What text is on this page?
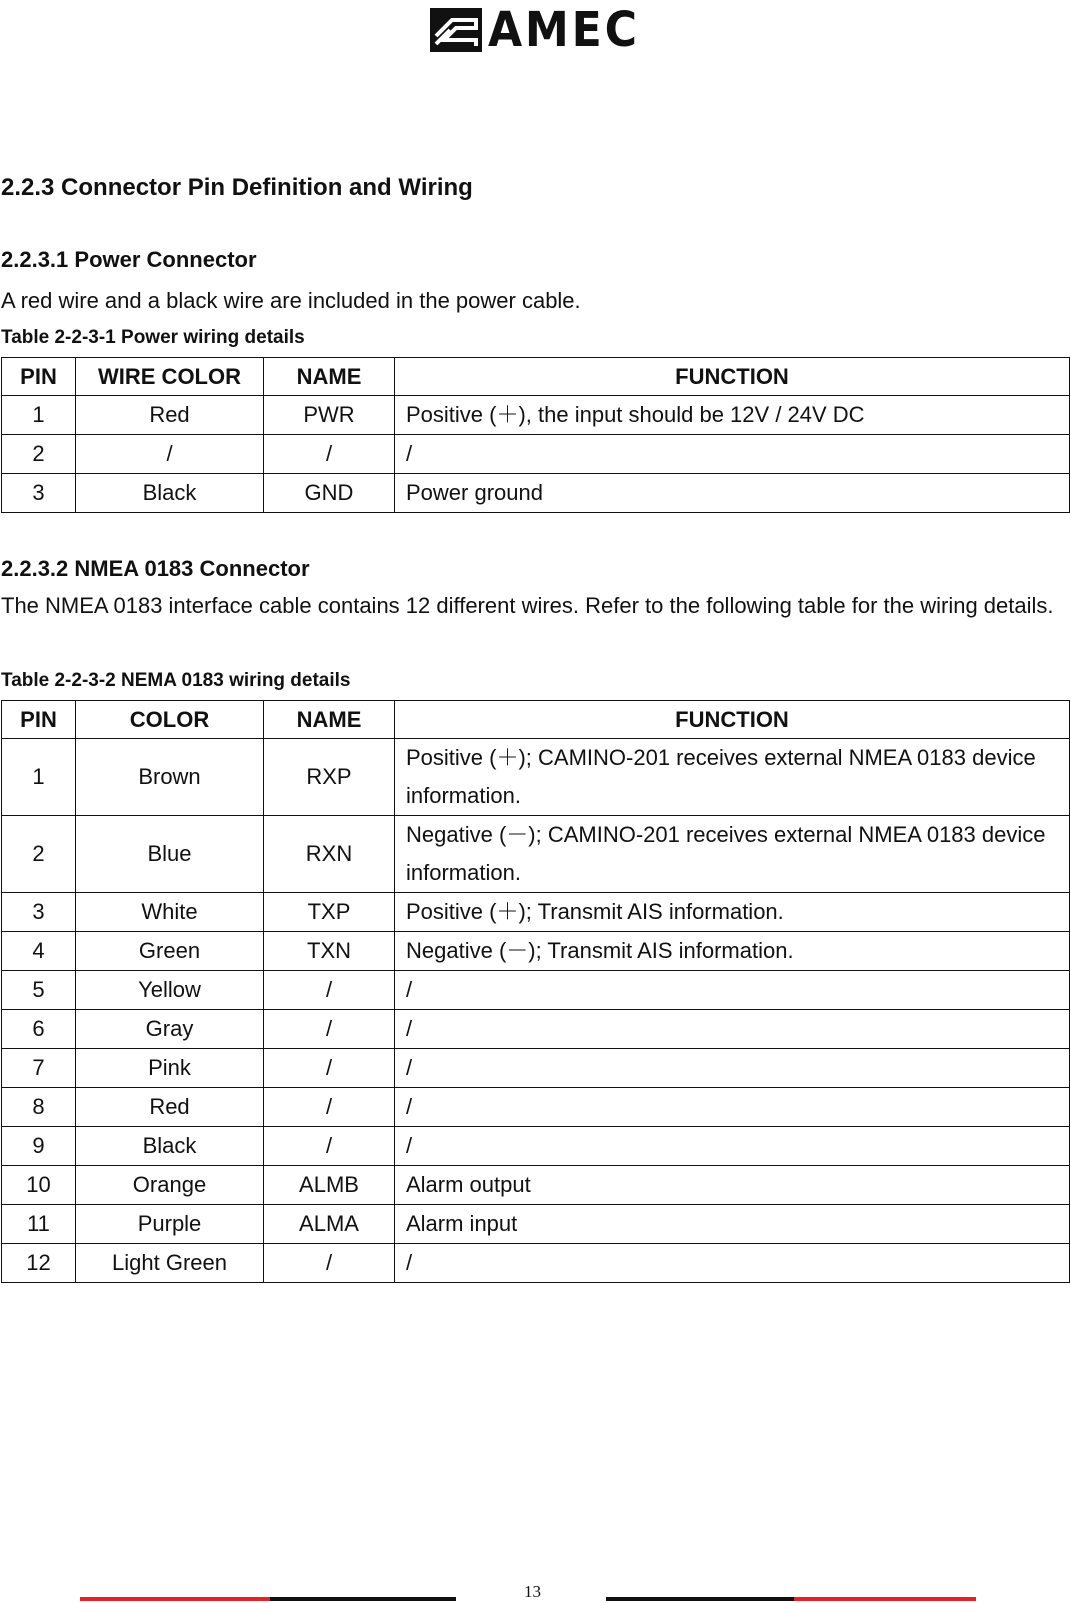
AMEC
2.2.3 Connector Pin Definition and Wiring
2.2.3.1 Power Connector

A red wire and a black wire are included in the power cable.

Table 2-2-3-1 Power wiring details
PIN	WIRE COLOR	NAME	FUNCTION
1	Red	PWR	Positive (＋), the input should be 12V / 24V DC
2	/	/	/
3	Black	GND	Power ground
2.2.3.2 NMEA 0183 Connector

The NMEA 0183 interface cable contains 12 different wires. Refer to the following table for the wiring details.

Table 2-2-3-2 NEMA 0183 wiring details
PIN	COLOR	NAME	FUNCTION
1	Brown	RXP	Positive (＋); CAMINO-201 receives external NMEA 0183 device information.
2	Blue	RXN	Negative (－); CAMINO-201 receives external NMEA 0183 device information.
3	White	TXP	Positive (＋); Transmit AIS information.
4	Green	TXN	Negative (－); Transmit AIS information.
5	Yellow	/	/
6	Gray	/	/
7	Pink	/	/
8	Red	/	/
9	Black	/	/
10	Orange	ALMB	Alarm output
11	Purple	ALMA	Alarm input
12	Light Green	/	/
13
